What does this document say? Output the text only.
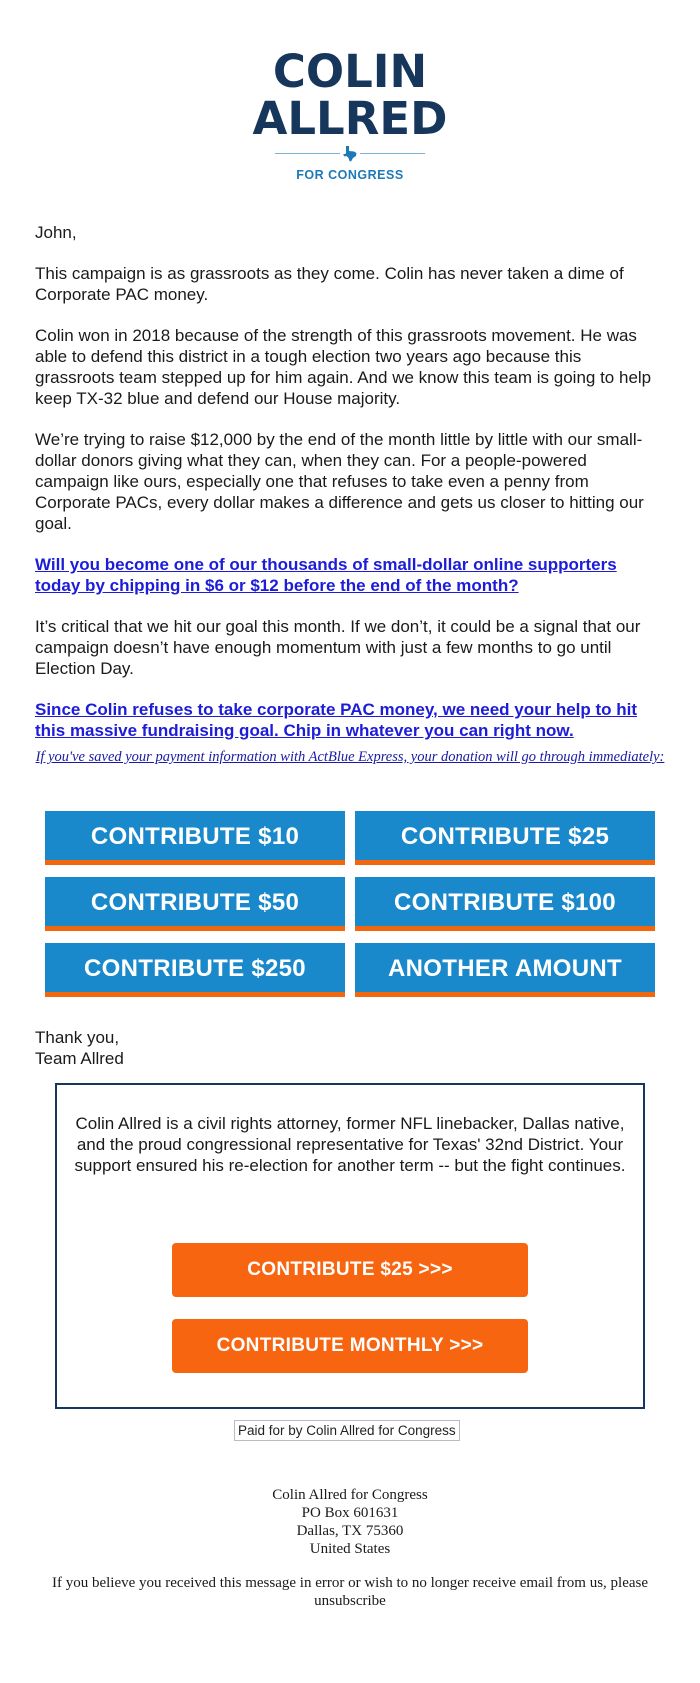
COLIN
ALLRED
FOR CONGRESS

John,

This campaign is as grassroots as they come. Colin has never taken a dime of Corporate PAC money.

Colin won in 2018 because of the strength of this grassroots movement. He was able to defend this district in a tough election two years ago because this grassroots team stepped up for him again. And we know this team is going to help keep TX-32 blue and defend our House majority.

We’re trying to raise $12,000 by the end of the month little by little with our small-dollar donors giving what they can, when they can. For a people-powered campaign like ours, especially one that refuses to take even a penny from Corporate PACs, every dollar makes a difference and gets us closer to hitting our goal.

Will you become one of our thousands of small-dollar online supporters today by chipping in $6 or $12 before the end of the month?

It’s critical that we hit our goal this month. If we don’t, it could be a signal that our campaign doesn’t have enough momentum with just a few months to go until Election Day.

Since Colin refuses to take corporate PAC money, we need your help to hit this massive fundraising goal. Chip in whatever you can right now.

If you've saved your payment information with ActBlue Express, your donation will go through immediately:
CONTRIBUTE $10	CONTRIBUTE $25
CONTRIBUTE $50	CONTRIBUTE $100
CONTRIBUTE $250	ANOTHER AMOUNT
Thank you,
Team Allred
Colin Allred is a civil rights attorney, former NFL linebacker, Dallas native, and the proud congressional representative for Texas' 32nd District. Your support ensured his re-election for another term -- but the fight continues.
CONTRIBUTE $25 >>>
CONTRIBUTE MONTHLY >>>
Paid for by Colin Allred for Congress
Colin Allred for Congress
PO Box 601631
Dallas, TX 75360
United States
If you believe you received this message in error or wish to no longer receive email from us, please unsubscribe
